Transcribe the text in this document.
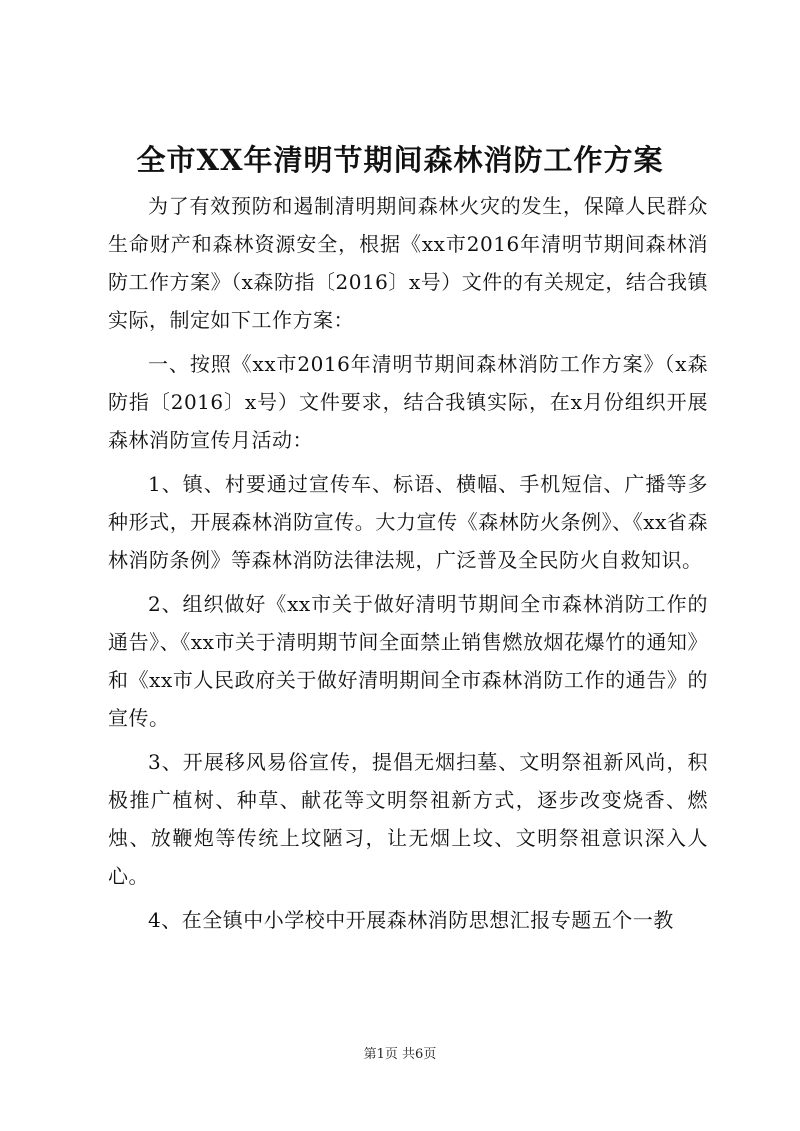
全市XX年清明节期间森林消防工作方案

为了有效预防和遏制清明期间森林火灾的发生，保障人民群众生命财产和森林资源安全，根据《xx市2016年清明节期间森林消防工作方案》（x森防指〔2016〕x号）文件的有关规定，结合我镇实际，制定如下工作方案：

一、按照《xx市2016年清明节期间森林消防工作方案》（x森防指〔2016〕x号）文件要求，结合我镇实际，在x月份组织开展森林消防宣传月活动：

1、镇、村要通过宣传车、标语、横幅、手机短信、广播等多种形式，开展森林消防宣传。大力宣传《森林防火条例》、《xx省森林消防条例》等森林消防法律法规，广泛普及全民防火自救知识。

2、组织做好《xx市关于做好清明节期间全市森林消防工作的通告》、《xx市关于清明期节间全面禁止销售燃放烟花爆竹的通知》和《xx市人民政府关于做好清明期间全市森林消防工作的通告》的宣传。

3、开展移风易俗宣传，提倡无烟扫墓、文明祭祖新风尚，积极推广植树、种草、献花等文明祭祖新方式，逐步改变烧香、燃烛、放鞭炮等传统上坟陋习，让无烟上坟、文明祭祖意识深入人心。

4、在全镇中小学校中开展森林消防思想汇报专题五个一教

第1页 共6页
